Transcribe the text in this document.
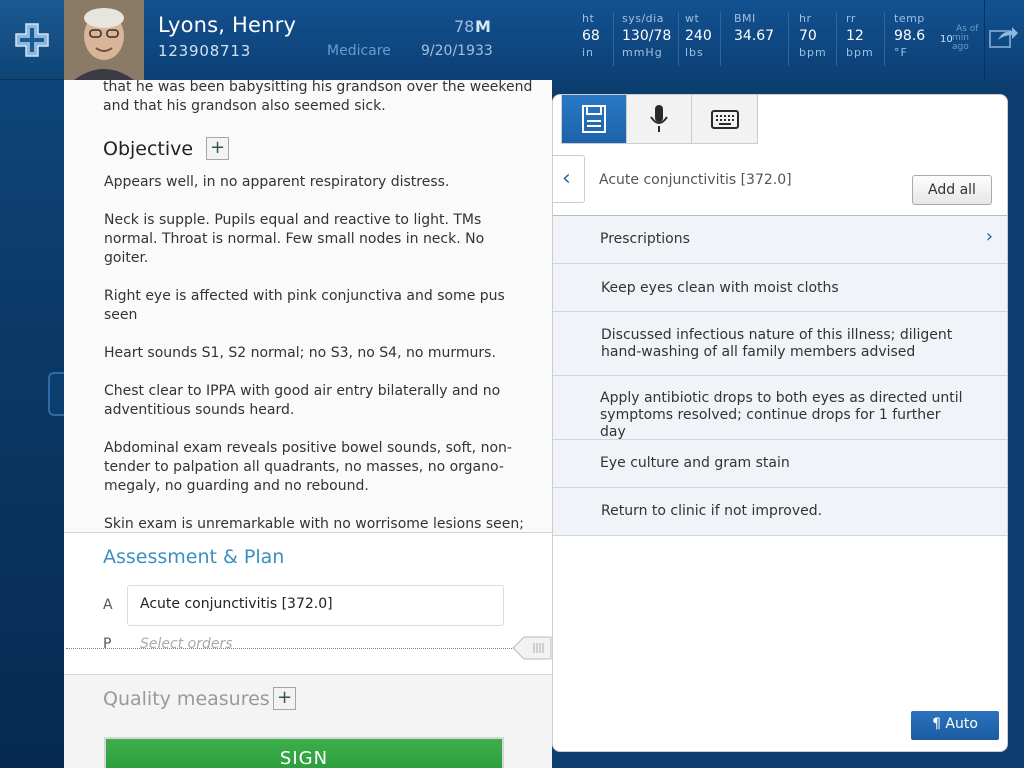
Lyons, Henry
123908713
78 M
Medicare 9/20/1933
ht
68
in
sys/dia
130/78
mmHg
wt
240
lbs
BMI
34.67
hr
70
bpm
rr
12
bpm
temp
98.6
°F
As of
min ago
10
that he was been babysitting his grandson over the weekend and that his grandson also seemed sick.
Objective +

Appears well, in no apparent respiratory distress.

Neck is supple. Pupils equal and reactive to light. TMs normal. Throat is normal. Few small nodes in neck. No goiter.

Right eye is affected with pink conjunctiva and some pus seen

Heart sounds S1, S2 normal; no S3, no S4, no murmurs.

Chest clear to IPPA with good air entry bilaterally and no adventitious sounds heard.

Abdominal exam reveals positive bowel sounds, soft, non-tender to palpation all quadrants, no masses, no organo-megaly, no guarding and no rebound.

Skin exam is unremarkable with no worrisome lesions seen;

Assessment & Plan
A	Acute conjunctivitis [372.0]
P Select orders
Quality measures +
SIGN
‹ Acute conjunctivitis [372.0]
Add all
Prescriptions	›
Keep eyes clean with moist cloths
Discussed infectious nature of this illness; diligent hand-washing of all family members advised
Apply antibiotic drops to both eyes as directed until symptoms resolved; continue drops for 1 further day
Eye culture and gram stain
Return to clinic if not improved.
¶ Auto
